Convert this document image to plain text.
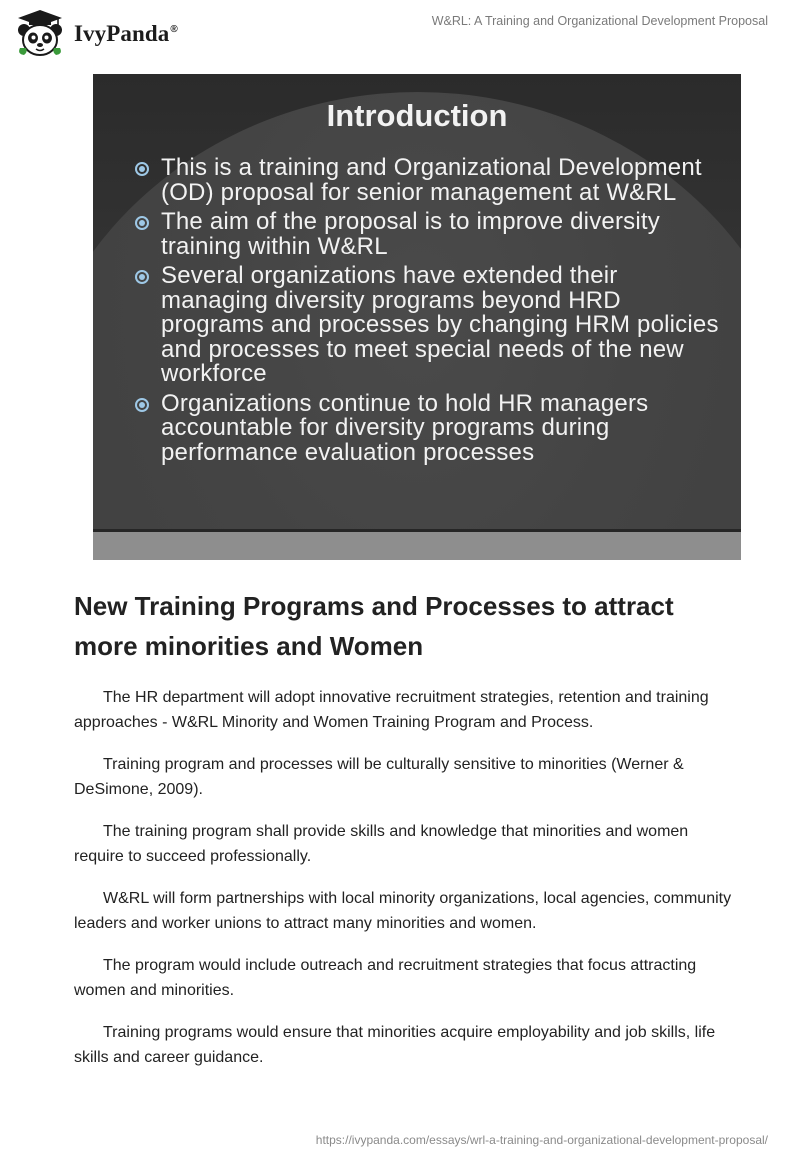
IvyPanda®
W&RL: A Training and Organizational Development Proposal
Introduction
This is a training and Organizational Development (OD) proposal for senior management at W&RL
The aim of the proposal is to improve diversity training within W&RL
Several organizations have extended their managing diversity programs beyond HRD programs and processes by changing HRM policies and processes to meet special needs of the new workforce
Organizations continue to hold HR managers accountable for diversity programs during performance evaluation processes
New Training Programs and Processes to attract more minorities and Women

The HR department will adopt innovative recruitment strategies, retention and training approaches - W&RL Minority and Women Training Program and Process.

Training program and processes will be culturally sensitive to minorities (Werner & DeSimone, 2009).

The training program shall provide skills and knowledge that minorities and women require to succeed professionally.

W&RL will form partnerships with local minority organizations, local agencies, community leaders and worker unions to attract many minorities and women.

The program would include outreach and recruitment strategies that focus attracting women and minorities.

Training programs would ensure that minorities acquire employability and job skills, life skills and career guidance.

https://ivypanda.com/essays/wrl-a-training-and-organizational-development-proposal/
